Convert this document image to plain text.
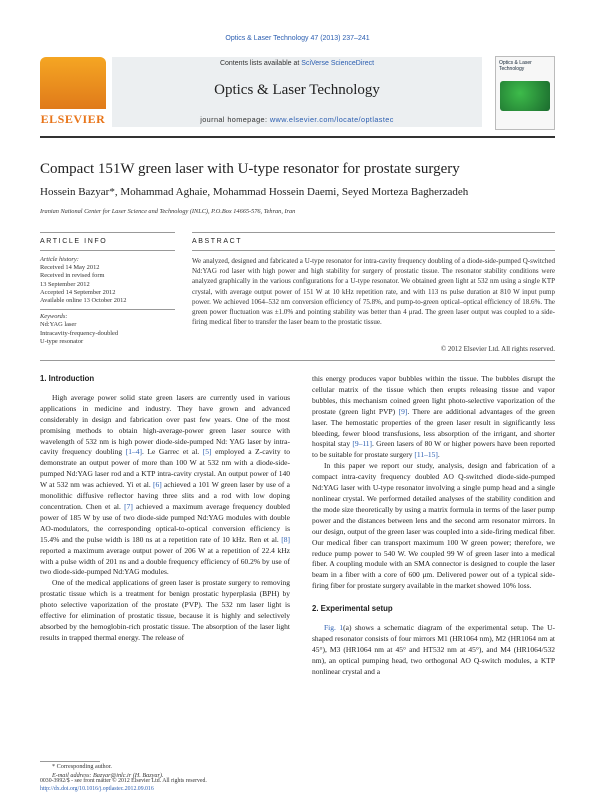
Optics & Laser Technology 47 (2013) 237–241
ELSEVIER
Contents lists available at SciVerse ScienceDirect
Optics & Laser Technology
journal homepage: www.elsevier.com/locate/optlastec
Optics & Laser Technology
Compact 151W green laser with U-type resonator for prostate surgery
Hossein Bazyar*, Mohammad Aghaie, Mohammad Hossein Daemi, Seyed Morteza Bagherzadeh
Iranian National Center for Laser Science and Technology (INLC), P.O.Box 14665-576, Tehran, Iran
ARTICLE INFO	ABSTRACT
Article history:
Received 14 May 2012
Received in revised form
13 September 2012
Accepted 14 September 2012
Available online 13 October 2012
Keywords:
Nd:YAG laser
Intracavity-frequency-doubled
U-type resonator
We analyzed, designed and fabricated a U-type resonator for intra-cavity frequency doubling of a diode-side-pumped Q-switched Nd:YAG rod laser with high power and high stability for surgery of prostatic tissue. The resonator stability conditions were analyzed graphically in the various configurations for a U-type resonator. We obtained green light at 532 nm using a single KTP crystal, with average output power of 151 W at 10 kHz repetition rate, and with 113 ns pulse duration at 810 W input pump power. We achieved 1064–532 nm conversion efficiency of 75.8%, and pump-to-green optical–optical efficiency of 18.6%. The green power fluctuation was ±1.0% and pointing stability was better than 4 μrad. The green laser output was coupled to a side-firing medical fiber to transfer the laser beam to the prostatic tissue.
© 2012 Elsevier Ltd. All rights reserved.
1. Introduction

High average power solid state green lasers are currently used in various applications in medicine and industry. They have grown and advanced considerably in design and fabrication over past few years. One of the most promising methods to obtain high-average-power green laser source with wavelength of 532 nm is high power diode-side-pumped Nd: YAG laser by intra-cavity frequency doubling [1–4]. Le Garrec et al. [5] employed a Z-cavity to demonstrate an output power of more than 100 W at 532 nm with a diode-side-pumped Nd:YAG laser rod and a KTP intra-cavity crystal. An output power of 140 W at 532 nm was achieved. Yi et al. [6] achieved a 101 W green laser by use of a monolithic diffusive reflector having three slits and a rod with low doping concentration. Chen et al. [7] achieved a maximum average frequency doubled power of 185 W by use of two diode-side pumped Nd:YAG modules with double AO-modulators, the corresponding optical-to-optical conversion efficiency is 15.4% and the pulse width is 180 ns at a repetition rate of 10 kHz. Ren et al. [8] reported a maximum average output power of 206 W at a repetition of 22.4 kHz with a pulse width of 201 ns and a double frequency efficiency of 60.2% by use of two diode-side-pumped Nd:YAG modules.

One of the medical applications of green laser is prostate surgery to removing prostatic tissue which is a treatment for benign prostatic hyperplasia (BPH) by photo selective vaporization of the prostate (PVP). The 532 nm laser light is effective for elimination of prostatic tissue, because it is highly and selectively absorbed by the hemoglobin-rich prostatic tissue. The absorption of the laser light results in trapped thermal energy. The release of

* Corresponding author.
E-mail address: Bazyar@inlc.ir (H. Bazyar).

this energy produces vapor bubbles within the tissue. The bubbles disrupt the cellular matrix of the tissue which then erupts releasing tissue and vapor bubbles, this mechanism coined green light photo-selective vaporization of the prostate (green light PVP) [9]. There are additional advantages of the green laser. The hemostatic properties of the green laser result in significantly less bleeding, fewer blood transfusions, less absorption of the irrigant, and shorter hospital stay [9–11]. Green lasers of 80 W or higher powers have been reported to be suitable for prostate surgery [11–15].

In this paper we report our study, analysis, design and fabrication of a compact intra-cavity frequency doubled AO Q-switched diode-side-pumped Nd:YAG laser with U-type resonator involving a single pump head and a single nonlinear crystal. We performed detailed analyses of the stability condition and the mode size theoretically by using a matrix formula in terms of the laser pump power and the distances between lens and the second arm resonator mirrors. In our design, output of the green laser was coupled into a side-firing medical fiber. Our medical fiber can transport maximum 100 W green power; therefore, we reduce pump power to 540 W. We coupled 99 W of green laser into a medical fiber. A coupling module with an SMA connector is designed to couple the laser beam in a fiber with a core of 600 μm. Delivered power out of a typical side-firing fiber for prostate surgery available in the market showed 10% loss.

2. Experimental setup

Fig. 1(a) shows a schematic diagram of the experimental setup. The U-shaped resonator consists of four mirrors M1 (HR1064 nm), M2 (HR1064 nm at 45°), M3 (HR1064 nm at 45° and HT532 nm at 45°), and M4 (HR1064/532 nm), an optical pumping head, two orthogonal AO Q-switch modules, a KTP nonlinear crystal and a

0030-3992/$ - see front matter © 2012 Elsevier Ltd. All rights reserved.
http://dx.doi.org/10.1016/j.optlastec.2012.09.016
